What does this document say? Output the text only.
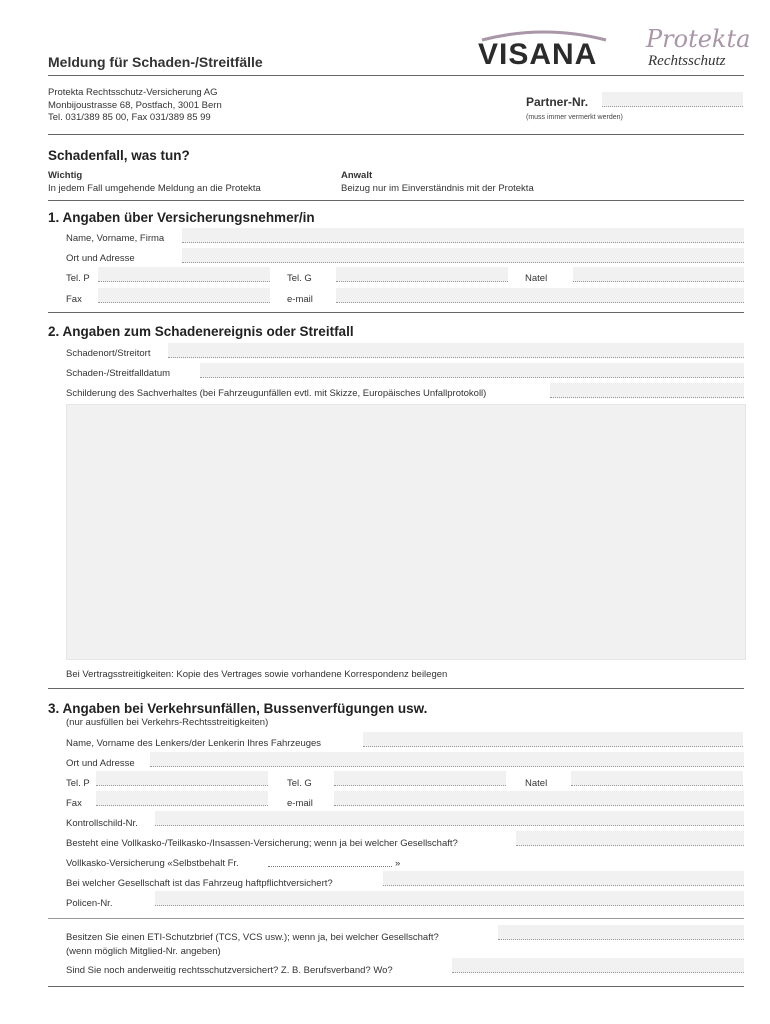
Meldung für Schaden-/Streitfälle	VISANA Protekta
Rechtsschutz
Protekta Rechtsschutz-Versicherung AG
Monbijoustrasse 68, Postfach, 3001 Bern
Tel. 031/389 85 00, Fax 031/389 85 99
Partner-Nr.
(muss immer vermerkt werden)
Schadenfall, was tun?
Wichtig
In jedem Fall umgehende Meldung an die Protekta
Anwalt
Beizug nur im Einverständnis mit der Protekta
1. Angaben über Versicherungsnehmer/in
Name, Vorname, Firma
Ort und Adresse
Tel. P	Tel. G	Natel
Fax	e-mail
2. Angaben zum Schadenereignis oder Streitfall
Schadenort/Streitort
Schaden-/Streitfalldatum
Schilderung des Sachverhaltes (bei Fahrzeugunfällen evtl. mit Skizze, Europäisches Unfallprotokoll)
Bei Vertragsstreitigkeiten: Kopie des Vertrages sowie vorhandene Korrespondenz beilegen
3. Angaben bei Verkehrsunfällen, Bussenverfügungen usw.
(nur ausfüllen bei Verkehrs-Rechtsstreitigkeiten)
Name, Vorname des Lenkers/der Lenkerin Ihres Fahrzeuges
Ort und Adresse
Tel. P	Tel. G	Natel
Fax	e-mail
Kontrollschild-Nr.
Besteht eine Vollkasko-/Teilkasko-/Insassen-Versicherung; wenn ja bei welcher Gesellschaft?
Vollkasko-Versicherung «Selbstbehalt Fr.	»
Bei welcher Gesellschaft ist das Fahrzeug haftpflichtversichert?
Policen-Nr.
Besitzen Sie einen ETI-Schutzbrief (TCS, VCS usw.); wenn ja, bei welcher Gesellschaft?
(wenn möglich Mitglied-Nr. angeben)
Sind Sie noch anderweitig rechtsschutzversichert? Z. B. Berufsverband? Wo?
